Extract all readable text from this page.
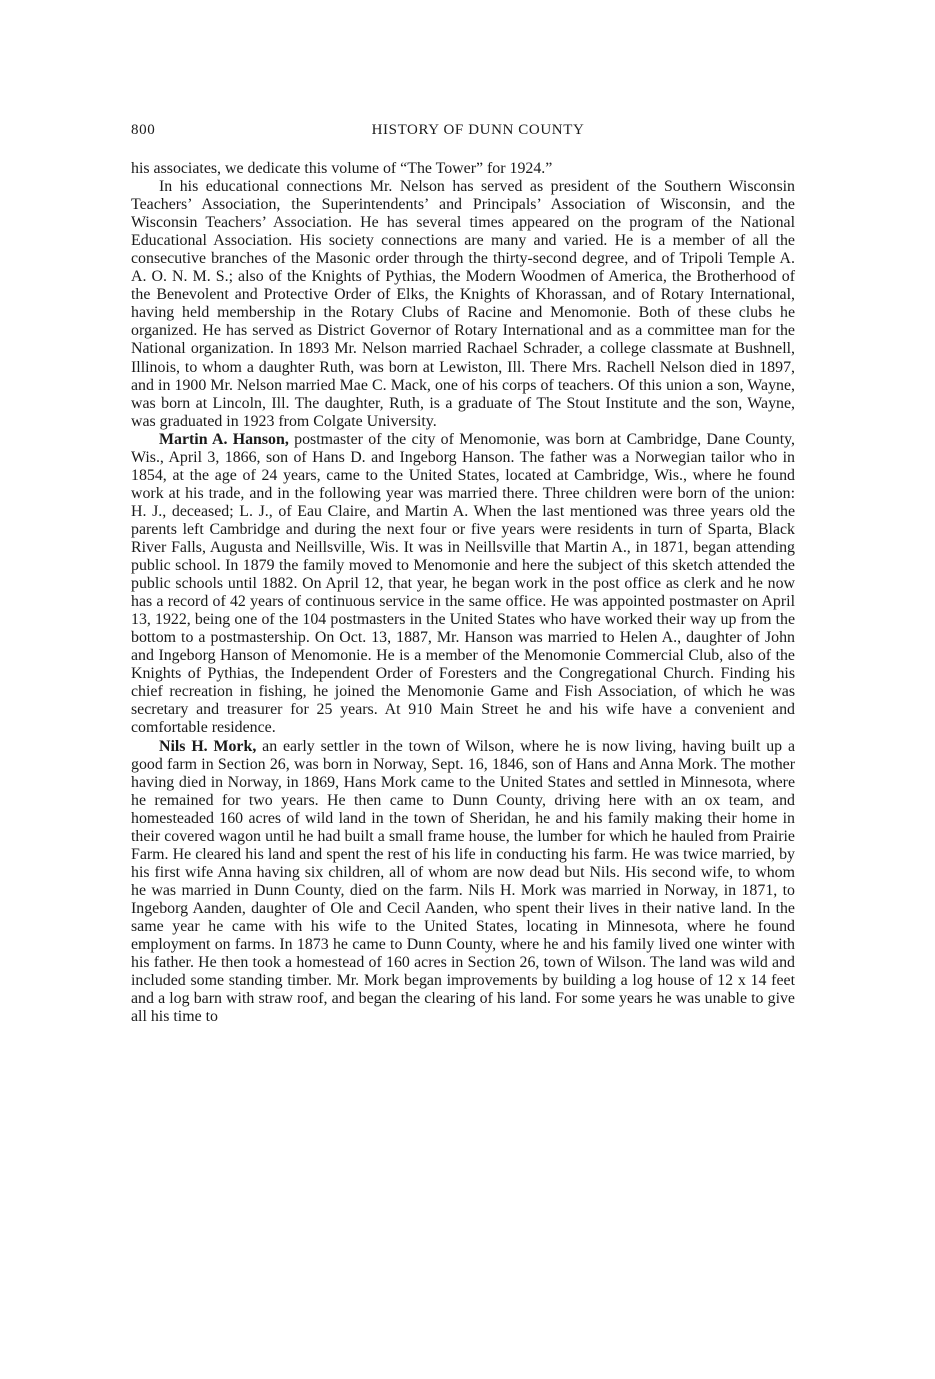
800	HISTORY OF DUNN COUNTY

his associates, we dedicate this volume of “The Tower” for 1924.”

In his educational connections Mr. Nelson has served as president of the Southern Wisconsin Teachers’ Association, the Superintendents’ and Principals’ Association of Wisconsin, and the Wisconsin Teachers’ Association. He has several times appeared on the program of the National Educational Association. His society connections are many and varied. He is a member of all the consecutive branches of the Masonic order through the thirty-second degree, and of Tripoli Temple A. A. O. N. M. S.; also of the Knights of Pythias, the Modern Woodmen of America, the Brotherhood of the Benevolent and Protective Order of Elks, the Knights of Khorassan, and of Rotary International, having held membership in the Rotary Clubs of Racine and Menomonie. Both of these clubs he organized. He has served as District Governor of Rotary International and as a committee man for the National organization. In 1893 Mr. Nelson married Rachael Schrader, a college classmate at Bushnell, Illinois, to whom a daughter Ruth, was born at Lewiston, Ill. There Mrs. Rachell Nelson died in 1897, and in 1900 Mr. Nelson married Mae C. Mack, one of his corps of teachers. Of this union a son, Wayne, was born at Lincoln, Ill. The daughter, Ruth, is a graduate of The Stout Institute and the son, Wayne, was graduated in 1923 from Colgate University.

Martin A. Hanson, postmaster of the city of Menomonie, was born at Cambridge, Dane County, Wis., April 3, 1866, son of Hans D. and Ingeborg Hanson. The father was a Norwegian tailor who in 1854, at the age of 24 years, came to the United States, located at Cambridge, Wis., where he found work at his trade, and in the following year was married there. Three children were born of the union: H. J., deceased; L. J., of Eau Claire, and Martin A. When the last mentioned was three years old the parents left Cambridge and during the next four or five years were residents in turn of Sparta, Black River Falls, Augusta and Neillsville, Wis. It was in Neillsville that Martin A., in 1871, began attending public school. In 1879 the family moved to Menomonie and here the subject of this sketch attended the public schools until 1882. On April 12, that year, he began work in the post office as clerk and he now has a record of 42 years of continuous service in the same office. He was appointed postmaster on April 13, 1922, being one of the 104 postmasters in the United States who have worked their way up from the bottom to a postmastership. On Oct. 13, 1887, Mr. Hanson was married to Helen A., daughter of John and Ingeborg Hanson of Menomonie. He is a member of the Menomonie Commercial Club, also of the Knights of Pythias, the Independent Order of Foresters and the Congregational Church. Finding his chief recreation in fishing, he joined the Menomonie Game and Fish Association, of which he was secretary and treasurer for 25 years. At 910 Main Street he and his wife have a convenient and comfortable residence.

Nils H. Mork, an early settler in the town of Wilson, where he is now living, having built up a good farm in Section 26, was born in Norway, Sept. 16, 1846, son of Hans and Anna Mork. The mother having died in Norway, in 1869, Hans Mork came to the United States and settled in Minnesota, where he remained for two years. He then came to Dunn County, driving here with an ox team, and homesteaded 160 acres of wild land in the town of Sheridan, he and his family making their home in their covered wagon until he had built a small frame house, the lumber for which he hauled from Prairie Farm. He cleared his land and spent the rest of his life in conducting his farm. He was twice married, by his first wife Anna having six children, all of whom are now dead but Nils. His second wife, to whom he was married in Dunn County, died on the farm. Nils H. Mork was married in Norway, in 1871, to Ingeborg Aanden, daughter of Ole and Cecil Aanden, who spent their lives in their native land. In the same year he came with his wife to the United States, locating in Minnesota, where he found employment on farms. In 1873 he came to Dunn County, where he and his family lived one winter with his father. He then took a homestead of 160 acres in Section 26, town of Wilson. The land was wild and included some standing timber. Mr. Mork began improvements by building a log house of 12 x 14 feet and a log barn with straw roof, and began the clearing of his land. For some years he was unable to give all his time to
